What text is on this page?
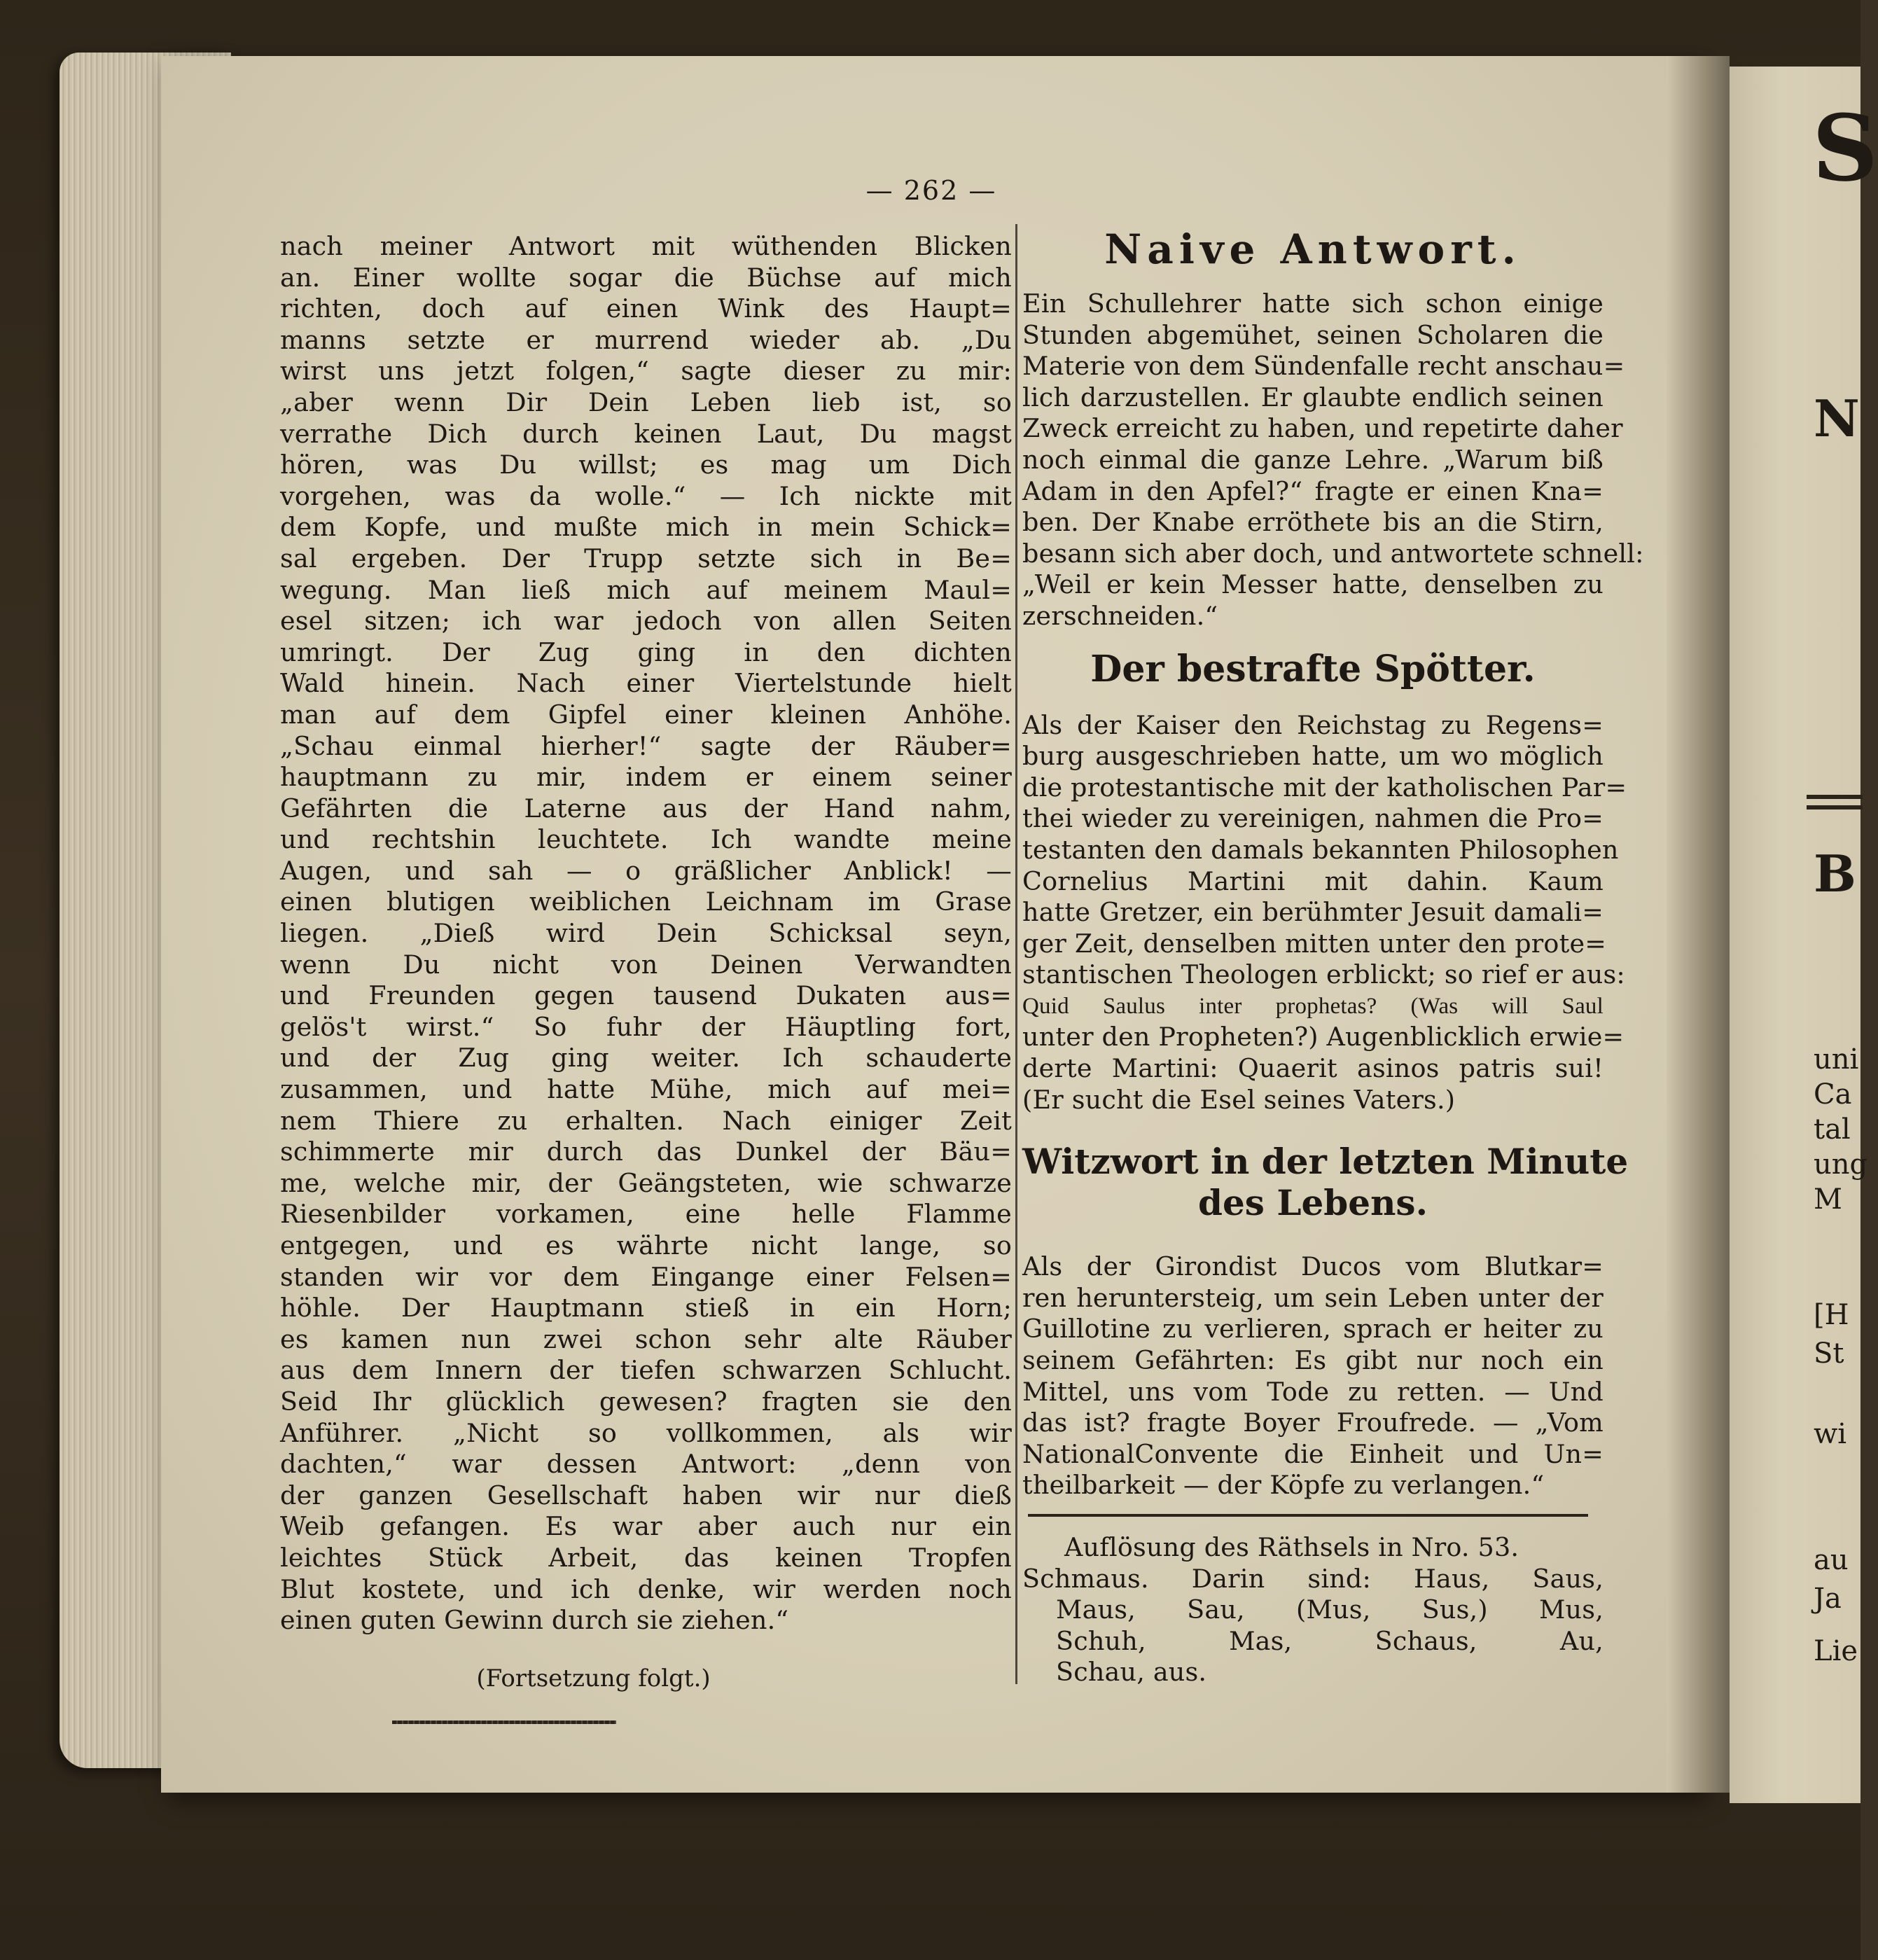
— 262 —	S
N
B
uni
Ca
tal
ung
M
[H
St
wi
au
Ja
Lie
nach meiner Antwort mit wüthenden Blicken
an. Einer wollte sogar die Büchse auf mich
richten, doch auf einen Wink des Haupt=
manns setzte er murrend wieder ab. „Du
wirst uns jetzt folgen,“ sagte dieser zu mir:
„aber wenn Dir Dein Leben lieb ist, so
verrathe Dich durch keinen Laut, Du magst
hören, was Du willst; es mag um Dich
vorgehen, was da wolle.“ — Ich nickte mit
dem Kopfe, und mußte mich in mein Schick=
sal ergeben. Der Trupp setzte sich in Be=
wegung. Man ließ mich auf meinem Maul=
esel sitzen; ich war jedoch von allen Seiten
umringt. Der Zug ging in den dichten
Wald hinein. Nach einer Viertelstunde hielt
man auf dem Gipfel einer kleinen Anhöhe.
„Schau einmal hierher!“ sagte der Räuber=
hauptmann zu mir, indem er einem seiner
Gefährten die Laterne aus der Hand nahm,
und rechtshin leuchtete. Ich wandte meine
Augen, und sah — o gräßlicher Anblick! —
einen blutigen weiblichen Leichnam im Grase
liegen. „Dieß wird Dein Schicksal seyn,
wenn Du nicht von Deinen Verwandten
und Freunden gegen tausend Dukaten aus=
gelös't wirst.“ So fuhr der Häuptling fort,
und der Zug ging weiter. Ich schauderte
zusammen, und hatte Mühe, mich auf mei=
nem Thiere zu erhalten. Nach einiger Zeit
schimmerte mir durch das Dunkel der Bäu=
me, welche mir, der Geängsteten, wie schwarze
Riesenbilder vorkamen, eine helle Flamme
entgegen, und es währte nicht lange, so
standen wir vor dem Eingange einer Felsen=
höhle. Der Hauptmann stieß in ein Horn;
es kamen nun zwei schon sehr alte Räuber
aus dem Innern der tiefen schwarzen Schlucht.
Seid Ihr glücklich gewesen? fragten sie den
Anführer. „Nicht so vollkommen, als wir
dachten,“ war dessen Antwort: „denn von
der ganzen Gesellschaft haben wir nur dieß
Weib gefangen. Es war aber auch nur ein
leichtes Stück Arbeit, das keinen Tropfen
Blut kostete, und ich denke, wir werden noch
einen guten Gewinn durch sie ziehen.“
(Fortsetzung folgt.)
Naive Antwort.
Ein Schullehrer hatte sich schon einige
Stunden abgemühet, seinen Scholaren die
Materie von dem Sündenfalle recht anschau=
lich darzustellen. Er glaubte endlich seinen
Zweck erreicht zu haben, und repetirte daher
noch einmal die ganze Lehre. „Warum biß
Adam in den Apfel?“ fragte er einen Kna=
ben. Der Knabe erröthete bis an die Stirn,
besann sich aber doch, und antwortete schnell:
„Weil er kein Messer hatte, denselben zu
zerschneiden.“
Der bestrafte Spötter.
Als der Kaiser den Reichstag zu Regens=
burg ausgeschrieben hatte, um wo möglich
die protestantische mit der katholischen Par=
thei wieder zu vereinigen, nahmen die Pro=
testanten den damals bekannten Philosophen
Cornelius Martini mit dahin. Kaum
hatte Gretzer, ein berühmter Jesuit damali=
ger Zeit, denselben mitten unter den prote=
stantischen Theologen erblickt; so rief er aus:
Quid Saulus inter prophetas? (Was will Saul
unter den Propheten?) Augenblicklich erwie=
derte Martini: Quaerit asinos patris sui!
(Er sucht die Esel seines Vaters.)
Witzwort in der letzten Minute
des Lebens.
Als der Girondist Ducos vom Blutkar=
ren heruntersteig, um sein Leben unter der
Guillotine zu verlieren, sprach er heiter zu
seinem Gefährten: Es gibt nur noch ein
Mittel, uns vom Tode zu retten. — Und
das ist? fragte Boyer Froufrede. — „Vom
NationalConvente die Einheit und Un=
theilbarkeit — der Köpfe zu verlangen.“
Auflösung des Räthsels in Nro. 53.
Schmaus. Darin sind: Haus, Saus,
Maus, Sau, (Mus, Sus,) Mus,
Schuh, Mas, Schaus, Au,
Schau, aus.
